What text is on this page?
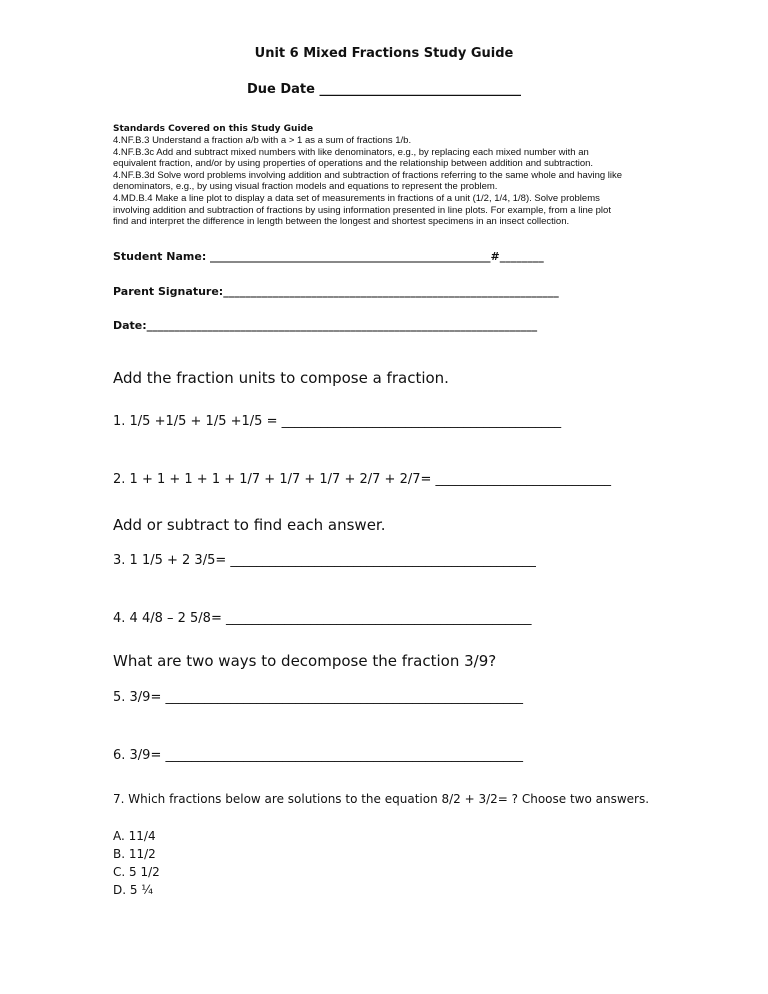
Unit 6 Mixed Fractions Study Guide
Due Date _______________________________
Standards Covered on this Study Guide
4.NF.B.3 Understand a fraction a/b with a > 1 as a sum of fractions 1/b.
4.NF.B.3c Add and subtract mixed numbers with like denominators, e.g., by replacing each mixed number with an
equivalent fraction, and/or by using properties of operations and the relationship between addition and subtraction.
4.NF.B.3d Solve word problems involving addition and subtraction of fractions referring to the same whole and having like
denominators, e.g., by using visual fraction models and equations to represent the problem.
4.MD.B.4 Make a line plot to display a data set of measurements in fractions of a unit (1/2, 1/4, 1/8). Solve problems
involving addition and subtraction of fractions by using information presented in line plots. For example, from a line plot
find and interpret the difference in length between the longest and shortest specimens in an insect collection.
Student Name: ___________________________________________________#________
Parent Signature:_____________________________________________________________
Date:_______________________________________________________________________
Add the fraction units to compose a fraction.
1. 1/5 +1/5 + 1/5 +1/5 = ___________________________________________
2. 1 + 1 + 1 + 1 + 1/7 + 1/7 + 1/7 + 2/7 + 2/7= ___________________________
Add or subtract to find each answer.
3. 1 1/5 + 2 3/5= _______________________________________________
4. 4 4/8 – 2 5/8= _______________________________________________
What are two ways to decompose the fraction 3/9?
5. 3/9= _______________________________________________________
6. 3/9= _______________________________________________________
7. Which fractions below are solutions to the equation 8/2 + 3/2= ? Choose two answers.
A. 11/4
B. 11/2
C. 5 1/2
D. 5 ¼
